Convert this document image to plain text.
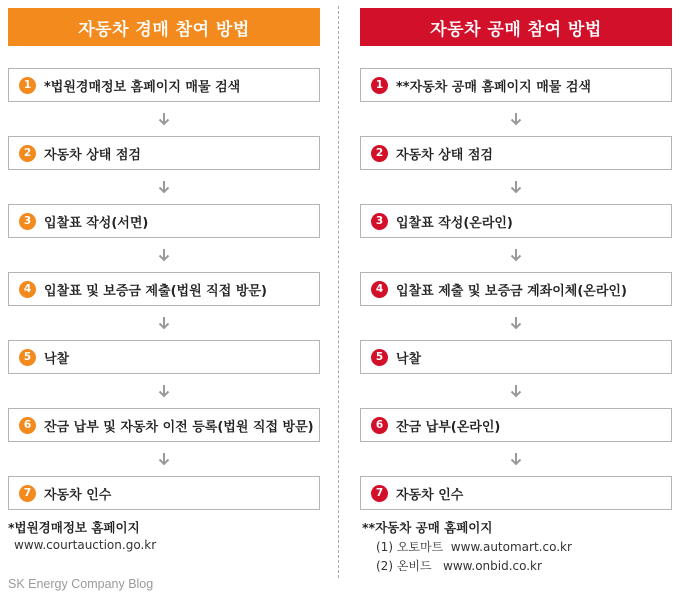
자동차 경매 참여 방법
1 *법원경매정보 홈페이지 매물 검색
2 자동차 상태 점검
3 입찰표 작성(서면)
4 입찰표 및 보증금 제출(법원 직접 방문)
5 낙찰
6 잔금 납부 및 자동차 이전 등록(법원 직접 방문)
7 자동차 인수
자동차 공매 참여 방법
1 **자동차 공매 홈페이지 매물 검색
2 자동차 상태 점검
3 입찰표 작성(온라인)
4 입찰표 제출 및 보증금 계좌이체(온라인)
5 낙찰
6 잔금 납부(온라인)
7 자동차 인수
*법원경매정보 홈페이지
www.courtauction.go.kr
**자동차 공매 홈페이지
(1) 오토마트  www.automart.co.kr
(2) 온비드   www.onbid.co.kr
SK Energy Company Blog
